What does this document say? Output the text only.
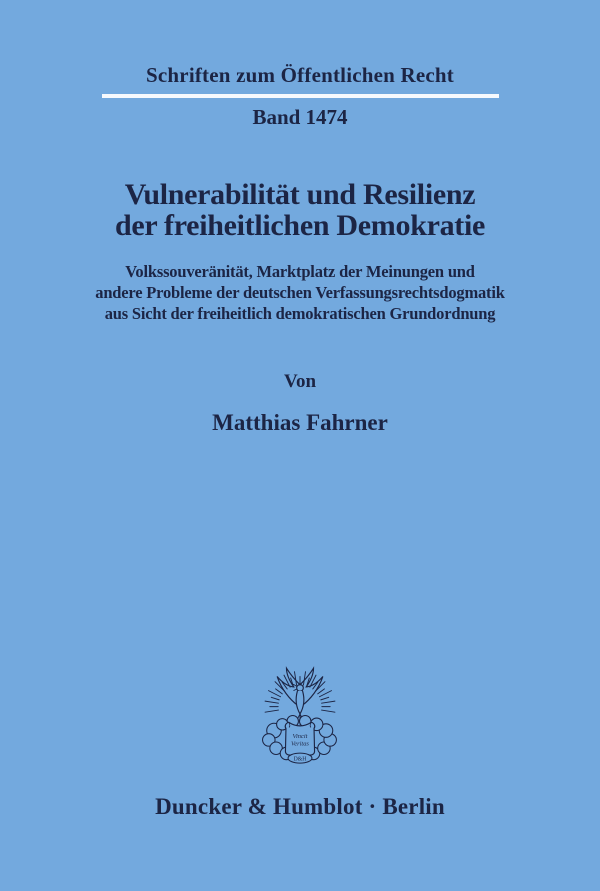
Schriften zum Öffentlichen Recht
Band 1474
Vulnerabilität und Resilienz
der freiheitlichen Demokratie
Volkssouveränität, Marktplatz der Meinungen und
andere Probleme der deutschen Verfassungsrechtsdogmatik
aus Sicht der freiheitlich demokratischen Grundordnung
Von
Matthias Fahrner
Vincit
Veritas
D&H
Duncker & Humblot · Berlin
